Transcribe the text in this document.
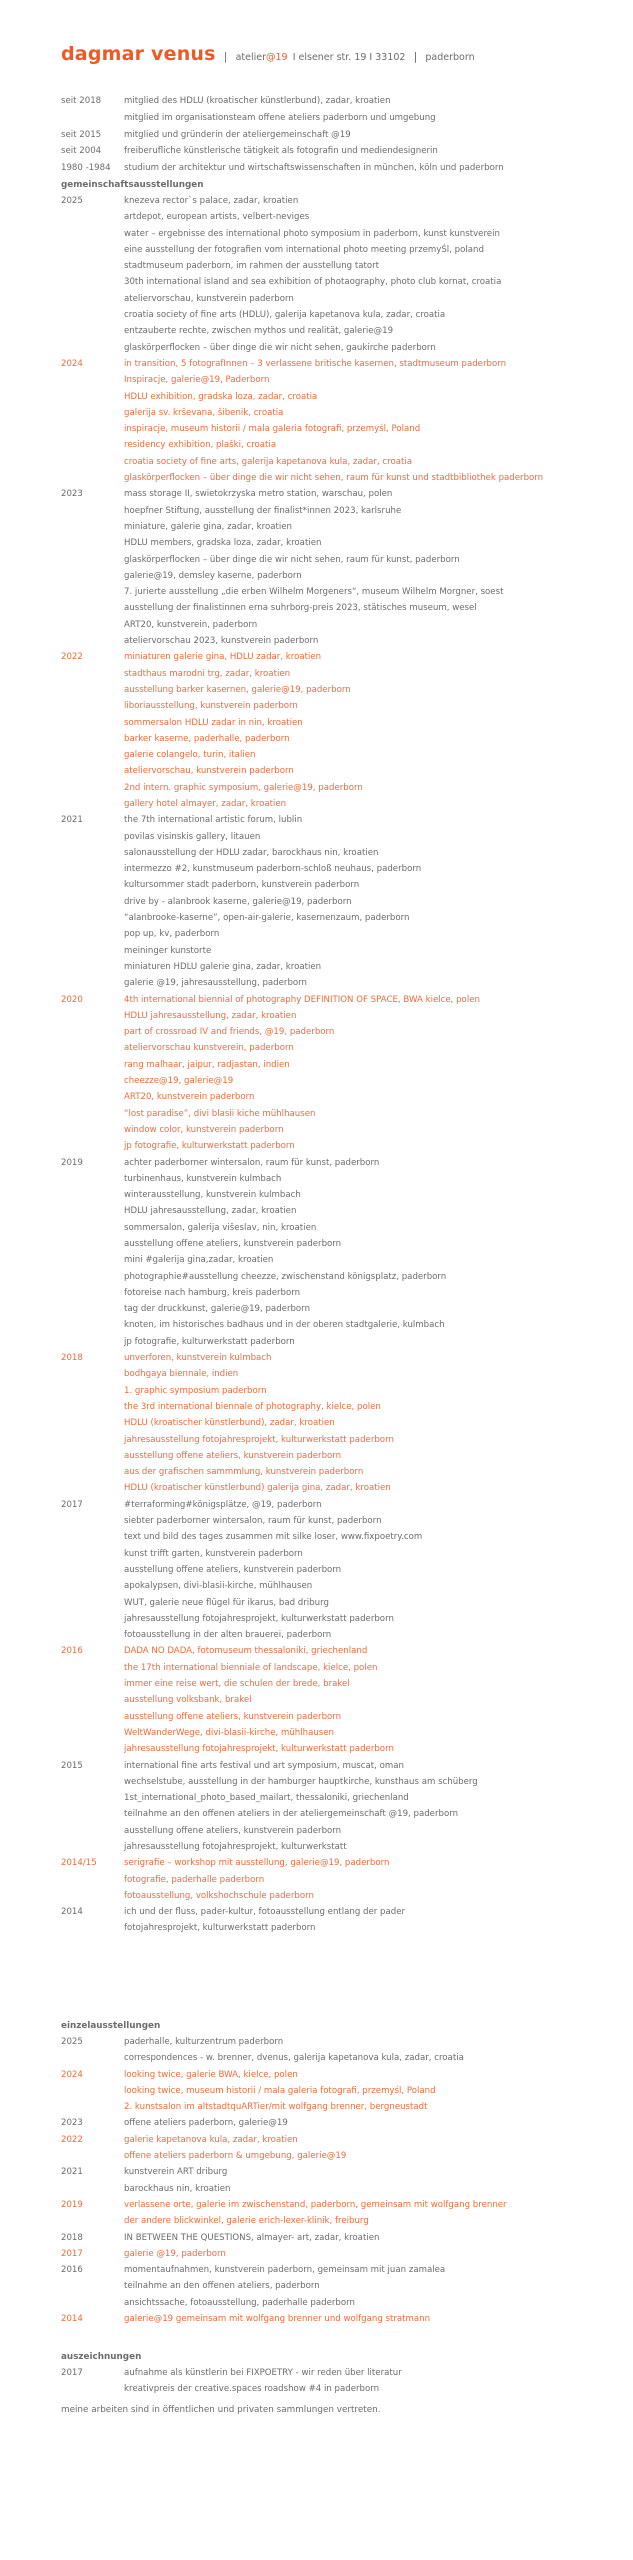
dagmar venus | atelier@19 I elsener str. 19 I 33102 | paderborn
seit 2018	mitglied des HDLU (kroatischer künstlerbund), zadar, kroatien
mitglied im organisationsteam offene ateliers paderborn und umgebung
seit 2015	mitglied und gründerin der ateliergemeinschaft @19
seit 2004	freiberufliche künstlerische tätigkeit als fotografin und mediendesignerin
1980 -1984	studium der architektur und wirtschaftswissenschaften in münchen, köln und paderborn
gemeinschaftsausstellungen
2025	knezeva rector`s palace, zadar, kroatien
artdepot, european artists, velbert-neviges
water – ergebnisse des international photo symposium in paderborn, kunst kunstverein
eine ausstellung der fotografien vom international photo meeting przemyŚl, poland
stadtmuseum paderborn, im rahmen der ausstellung tatort
30th international island and sea exhibition of photaography, photo club kornat, croatia
ateliervorschau, kunstverein paderborn
croatia society of fine arts (HDLU), galerija kapetanova kula, zadar, croatia
entzauberte rechte, zwischen mythos und realität, galerie@19
glaskörperflocken – über dinge die wir nicht sehen, gaukirche paderborn
2024	in transition, 5 fotografInnen – 3 verlassene britische kasernen, stadtmuseum paderborn
Inspiracje, galerie@19, Paderborn
HDLU exhibition, gradska loza, zadar, croatia
galerija sv. krševana, šibenik, croatia
inspiracje, museum historii / mala galeria fotografi, przemyśl, Poland
residency exhibition, plaški, croatia
croatia society of fine arts, galerija kapetanova kula, zadar, croatia
glaskörperflocken – über dinge die wir nicht sehen, raum für kunst und stadtbibliothek paderborn
2023	mass storage II, swietokrzyska metro station, warschau, polen
hoepfner Stiftung, ausstellung der finalist*innen 2023, karlsruhe
miniature, galerie gina, zadar, kroatien
HDLU members, gradska loza, zadar, kroatien
glaskörperflocken – über dinge die wir nicht sehen, raum für kunst, paderborn
galerie@19, demsley kaserne, paderborn
7. jurierte ausstellung „die erben Wilhelm Morgeners“, museum Wilhelm Morgner, soest
ausstellung der finalistinnen erna suhrborg-preis 2023, stätisches museum, wesel
ART20, kunstverein, paderborn
ateliervorschau 2023, kunstverein paderborn
2022	miniaturen galerie gina, HDLU zadar, kroatien
stadthaus marodni trg, zadar, kroatien
ausstellung barker kasernen, galerie@19, paderborn
liboriausstellung, kunstverein paderborn
sommersalon HDLU zadar in nin, kroatien
barker kaserne, paderhalle, paderborn
galerie colangelo, turin, italien
ateliervorschau, kunstverein paderborn
2nd intern. graphic symposium, galerie@19, paderborn
gallery hotel almayer, zadar, kroatien
2021	the 7th international artistic forum, lublin
povilas visinskis gallery, litauen
salonausstellung der HDLU zadar, barockhaus nin, kroatien
intermezzo #2, kunstmuseum paderborn-schloß neuhaus, paderborn
kultursommer stadt paderborn, kunstverein paderborn
drive by - alanbrook kaserne, galerie@19, paderborn
“alanbrooke-kaserne”, open-air-galerie, kasernenzaum, paderborn
pop up, kv, paderborn
meininger kunstorte
miniaturen HDLU galerie gina, zadar, kroatien
galerie @19, jahresausstellung, paderborn
2020	4th international biennial of photography DEFINITION OF SPACE, BWA kielce, polen
HDLU jahresausstellung, zadar, kroatien
part of crossroad IV and friends, @19, paderborn
ateliervorschau kunstverein, paderborn
rang malhaar, jaipur, radjastan, indien
cheezze@19, galerie@19
ART20, kunstverein paderborn
“lost paradise”, divi blasii kiche mühlhausen
window color, kunstverein paderborn
jp fotografie, kulturwerkstatt paderborn
2019	achter paderborner wintersalon, raum für kunst, paderborn
turbinenhaus, kunstverein kulmbach
winterausstellung, kunstverein kulmbach
HDLU jahresausstellung, zadar, kroatien
sommersalon, galerija višeslav, nin, kroatien
ausstellung offene ateliers, kunstverein paderborn
mini #galerija gina,zadar, kroatien
photographie#ausstellung cheezze, zwischenstand königsplatz, paderborn
fotoreise nach hamburg, kreis paderborn
tag der druckkunst, galerie@19, paderborn
knoten, im historisches badhaus und in der oberen stadtgalerie, kulmbach
jp fotografie, kulturwerkstatt paderborn
2018	unverforen, kunstverein kulmbach
bodhgaya biennale, indien
1. graphic symposium paderborn
the 3rd international biennale of photography, kielce, polen
HDLU (kroatischer künstlerbund), zadar, kroatien
jahresausstellung fotojahresprojekt, kulturwerkstatt paderborn
ausstellung offene ateliers, kunstverein paderborn
aus der grafischen sammmlung, kunstverein paderborn
HDLU (kroatischer künstlerbund) galerija gina, zadar, kroatien
2017	#terraforming#königsplätze, @19, paderborn
siebter paderborner wintersalon, raum für kunst, paderborn
text und bild des tages zusammen mit silke loser, www.fixpoetry.com
kunst trifft garten, kunstverein paderborn
ausstellung offene ateliers, kunstverein paderborn
apokalypsen, divi-blasii-kirche, mühlhausen
WUT, galerie neue flügel für ikarus, bad driburg
jahresausstellung fotojahresprojekt, kulturwerkstatt paderborn
fotoausstellung in der alten brauerei, paderborn
2016	DADA NO DADA, fotomuseum thessaloniki, griechenland
the 17th international bienniale of landscape, kielce, polen
immer eine reise wert, die schulen der brede, brakel
ausstellung volksbank, brakel
ausstellung offene ateliers, kunstverein paderborn
WeltWanderWege, divi-blasii-kirche, mühlhausen
jahresausstellung fotojahresprojekt, kulturwerkstatt paderborn
2015	international fine arts festival und art symposium, muscat, oman
wechselstube, ausstellung in der hamburger hauptkirche, kunsthaus am schüberg
1st_international_photo_based_mailart, thessaloniki, griechenland
teilnahme an den offenen ateliers in der ateliergemeinschaft @19, paderborn
ausstellung offene ateliers, kunstverein paderborn
jahresausstellung fotojahresprojekt, kulturwerkstatt
2014/15	serigrafie – workshop mit ausstellung, galerie@19, paderborn
fotografie, paderhalle paderborn
fotoausstellung, volkshochschule paderborn
2014	ich und der fluss, pader-kultur, fotoausstellung entlang der pader
fotojahresprojekt, kulturwerkstatt paderborn
einzelausstellungen
2025	paderhalle, kulturzentrum paderborn
correspondences - w. brenner, dvenus, galerija kapetanova kula, zadar, croatia
2024	looking twice, galerie BWA, kielce, polen
looking twice, museum historii / mala galeria fotografi, przemyśl, Poland
2. kunstsalon im altstadtquARTier/mit wolfgang brenner, bergneustadt
2023	offene ateliers paderborn, galerie@19
2022	galerie kapetanova kula, zadar, kroatien
offene ateliers paderborn & umgebung, galerie@19
2021	kunstverein ART driburg
barockhaus nin, kroatien
2019	verlassene orte, galerie im zwischenstand, paderborn, gemeinsam mit wolfgang brenner
der andere blickwinkel, galerie erich-lexer-klinik, freiburg
2018	IN BETWEEN THE QUESTIONS, almayer- art, zadar, kroatien
2017	galerie @19, paderborn
2016	momentaufnahmen, kunstverein paderborn, gemeinsam mit juan zamalea
teilnahme an den offenen ateliers, paderborn
ansichtssache, fotoausstellung, paderhalle paderborn
2014	galerie@19 gemeinsam mit wolfgang brenner und wolfgang stratmann
auszeichnungen
2017	aufnahme als künstlerin bei FIXPOETRY - wir reden über literatur
kreativpreis der creative.spaces roadshow #4 in paderborn
meine arbeiten sind in öffentlichen und privaten sammlungen vertreten.
